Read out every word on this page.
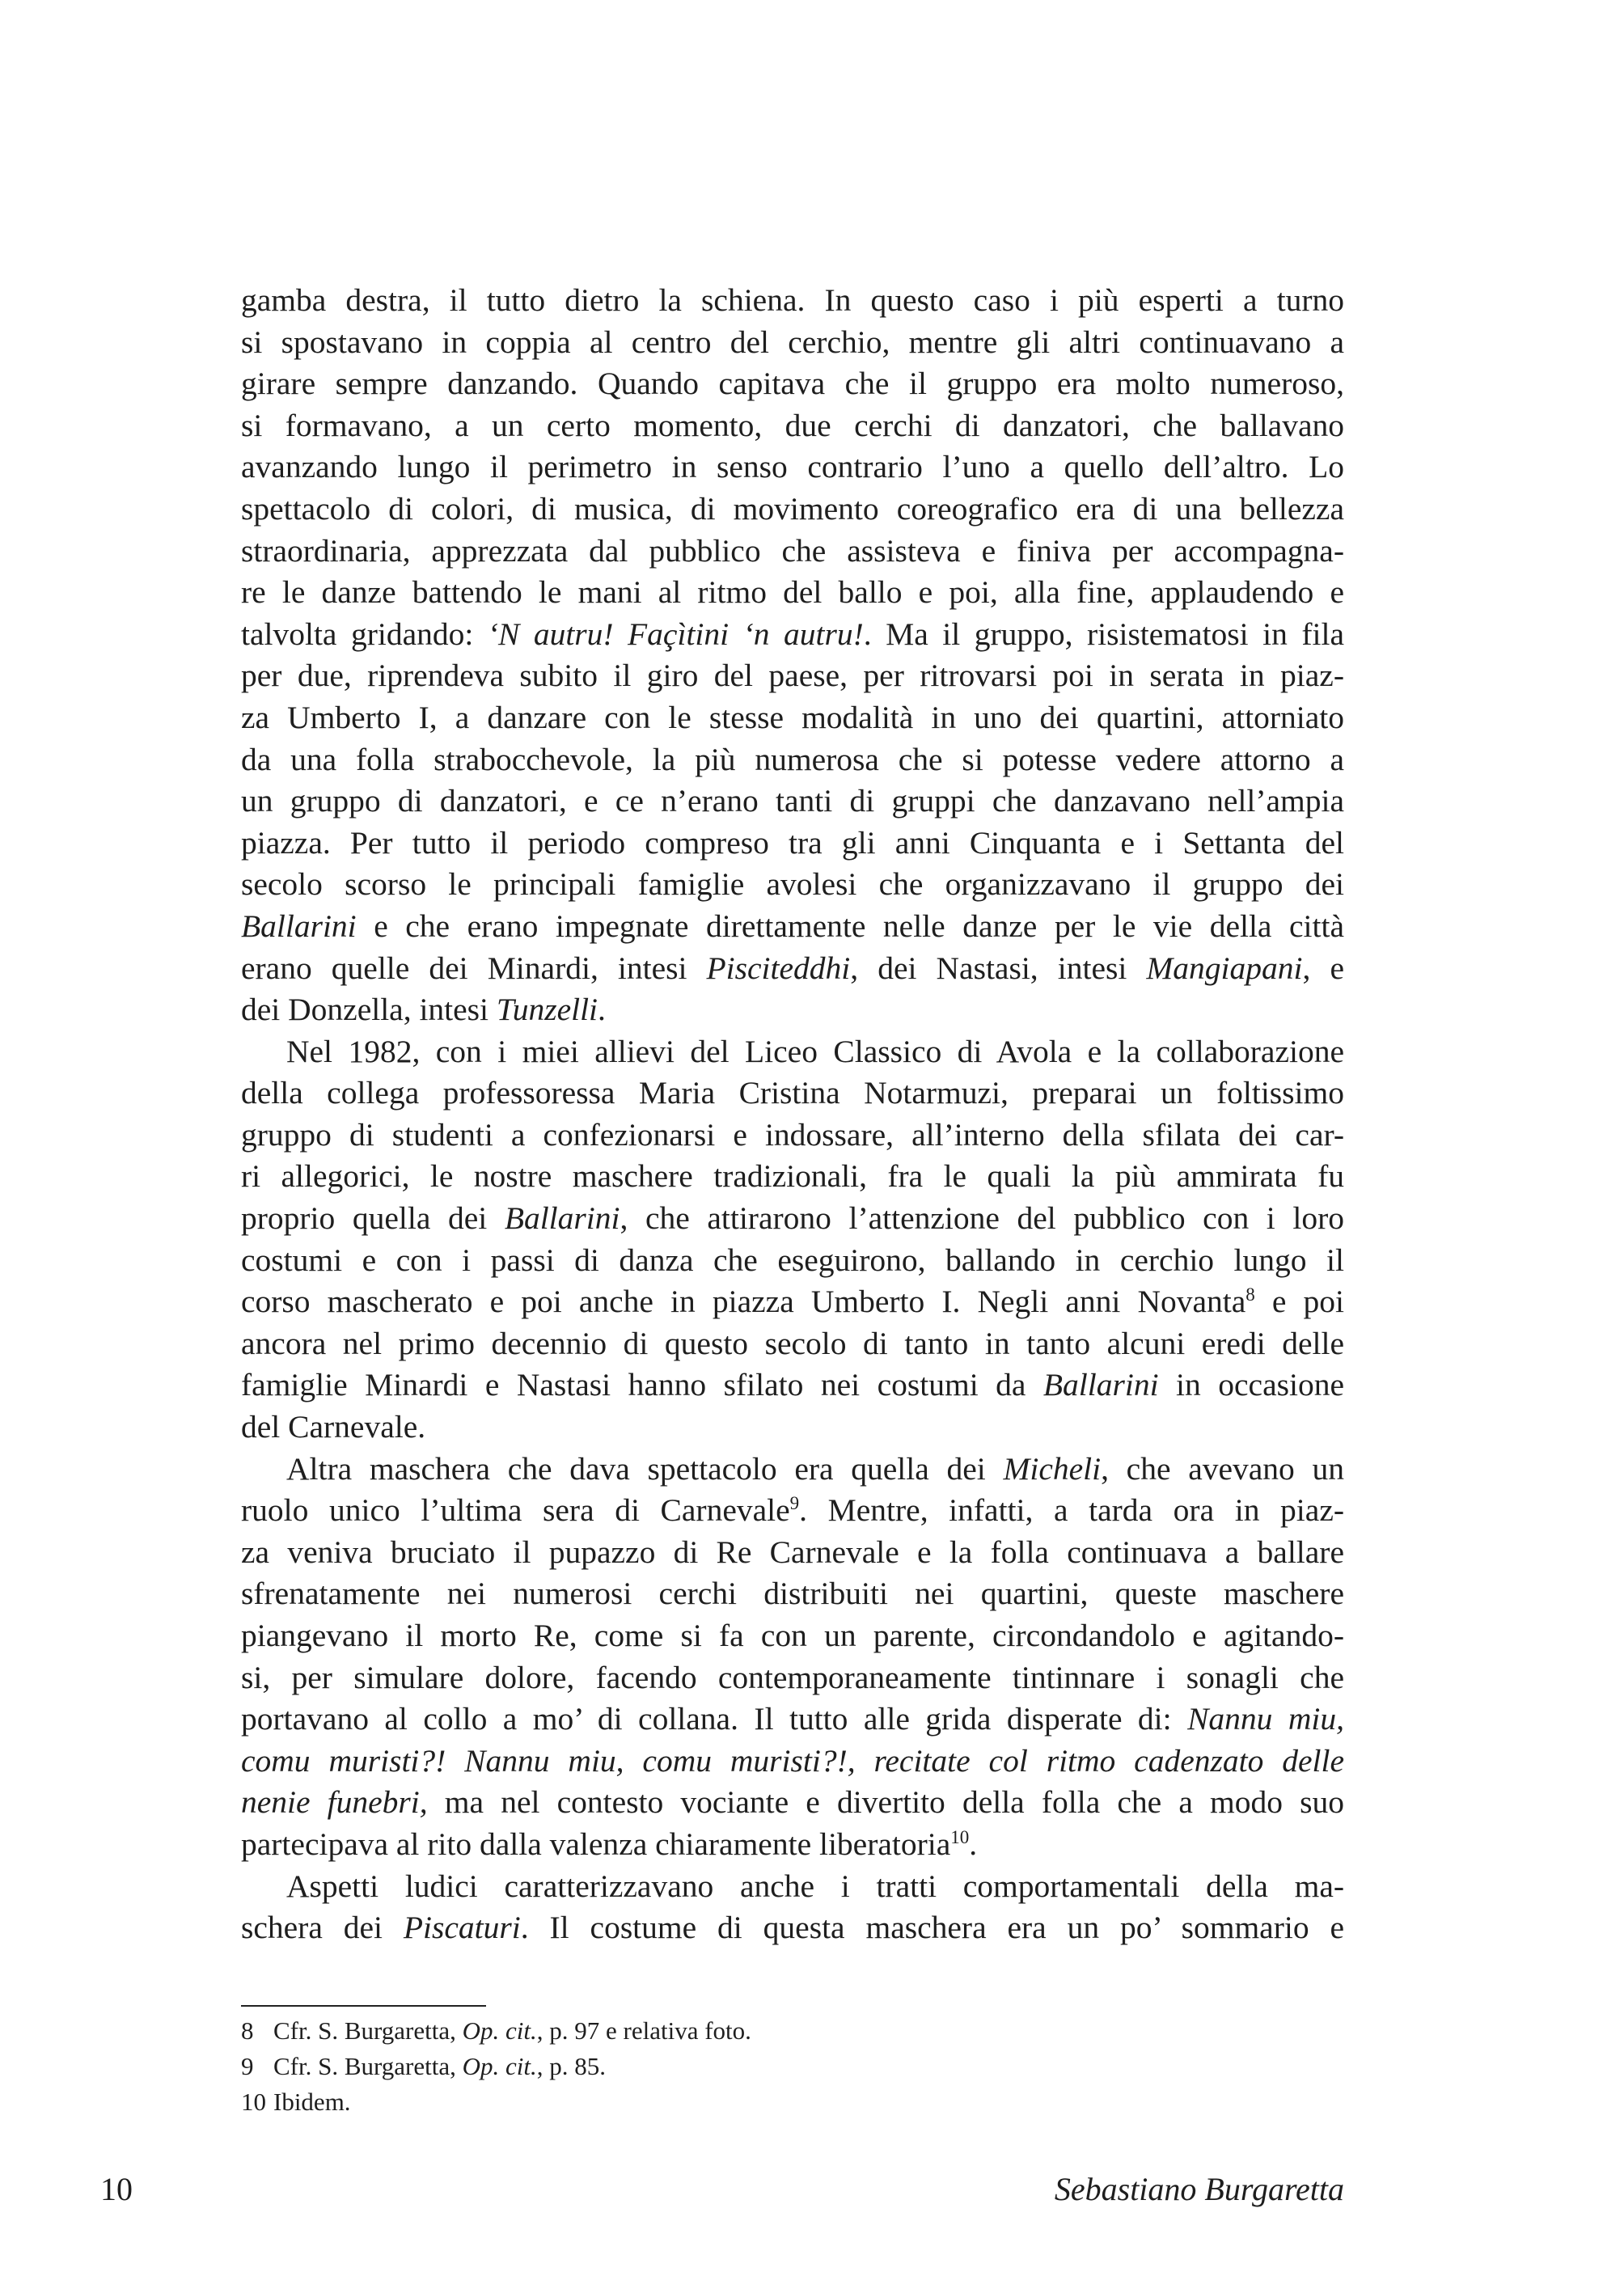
gamba destra, il tutto dietro la schiena. In questo caso i più esperti a turno
si spostavano in coppia al centro del cerchio, mentre gli altri continuavano a
girare sempre danzando. Quando capitava che il gruppo era molto numeroso,
si formavano, a un certo momento, due cerchi di danzatori, che ballavano
avanzando lungo il perimetro in senso contrario l’uno a quello dell’altro. Lo
spettacolo di colori, di musica, di movimento coreografico era di una bellezza
straordinaria, apprezzata dal pubblico che assisteva e finiva per accompagna-
re le danze battendo le mani al ritmo del ballo e poi, alla fine, applaudendo e
talvolta gridando: ‘N autru! Façìtini ‘n autru!. Ma il gruppo, risistematosi in fila
per due, riprendeva subito il giro del paese, per ritrovarsi poi in serata in piaz-
za Umberto I, a danzare con le stesse modalità in uno dei quartini, attorniato
da una folla strabocchevole, la più numerosa che si potesse vedere attorno a
un gruppo di danzatori, e ce n’erano tanti di gruppi che danzavano nell’ampia
piazza. Per tutto il periodo compreso tra gli anni Cinquanta e i Settanta del
secolo scorso le principali famiglie avolesi che organizzavano il gruppo dei
Ballarini e che erano impegnate direttamente nelle danze per le vie della città
erano quelle dei Minardi, intesi Pisciteddhi, dei Nastasi, intesi Mangiapani, e
dei Donzella, intesi Tunzelli.
Nel 1982, con i miei allievi del Liceo Classico di Avola e la collaborazione
della collega professoressa Maria Cristina Notarmuzi, preparai un foltissimo
gruppo di studenti a confezionarsi e indossare, all’interno della sfilata dei car-
ri allegorici, le nostre maschere tradizionali, fra le quali la più ammirata fu
proprio quella dei Ballarini, che attirarono l’attenzione del pubblico con i loro
costumi e con i passi di danza che eseguirono, ballando in cerchio lungo il
corso mascherato e poi anche in piazza Umberto I. Negli anni Novanta$^8$ e poi
ancora nel primo decennio di questo secolo di tanto in tanto alcuni eredi delle
famiglie Minardi e Nastasi hanno sfilato nei costumi da Ballarini in occasione
del Carnevale.
Altra maschera che dava spettacolo era quella dei Micheli, che avevano un
ruolo unico l’ultima sera di Carnevale$^9$. Mentre, infatti, a tarda ora in piaz-
za veniva bruciato il pupazzo di Re Carnevale e la folla continuava a ballare
sfrenatamente nei numerosi cerchi distribuiti nei quartini, queste maschere
piangevano il morto Re, come si fa con un parente, circondandolo e agitando-
si, per simulare dolore, facendo contemporaneamente tintinnare i sonagli che
portavano al collo a mo’ di collana. Il tutto alle grida disperate di: Nannu miu,
comu muristi?! Nannu miu, comu muristi?!, recitate col ritmo cadenzato delle
nenie funebri, ma nel contesto vociante e divertito della folla che a modo suo
partecipava al rito dalla valenza chiaramente liberatoria$^{10}$.
Aspetti ludici caratterizzavano anche i tratti comportamentali della ma-
schera dei Piscaturi. Il costume di questa maschera era un po’ sommario e
8 Cfr. S. Burgaretta, Op. cit., p. 97 e relativa foto.
9 Cfr. S. Burgaretta, Op. cit., p. 85.
10 Ibidem.
10	Sebastiano Burgaretta
